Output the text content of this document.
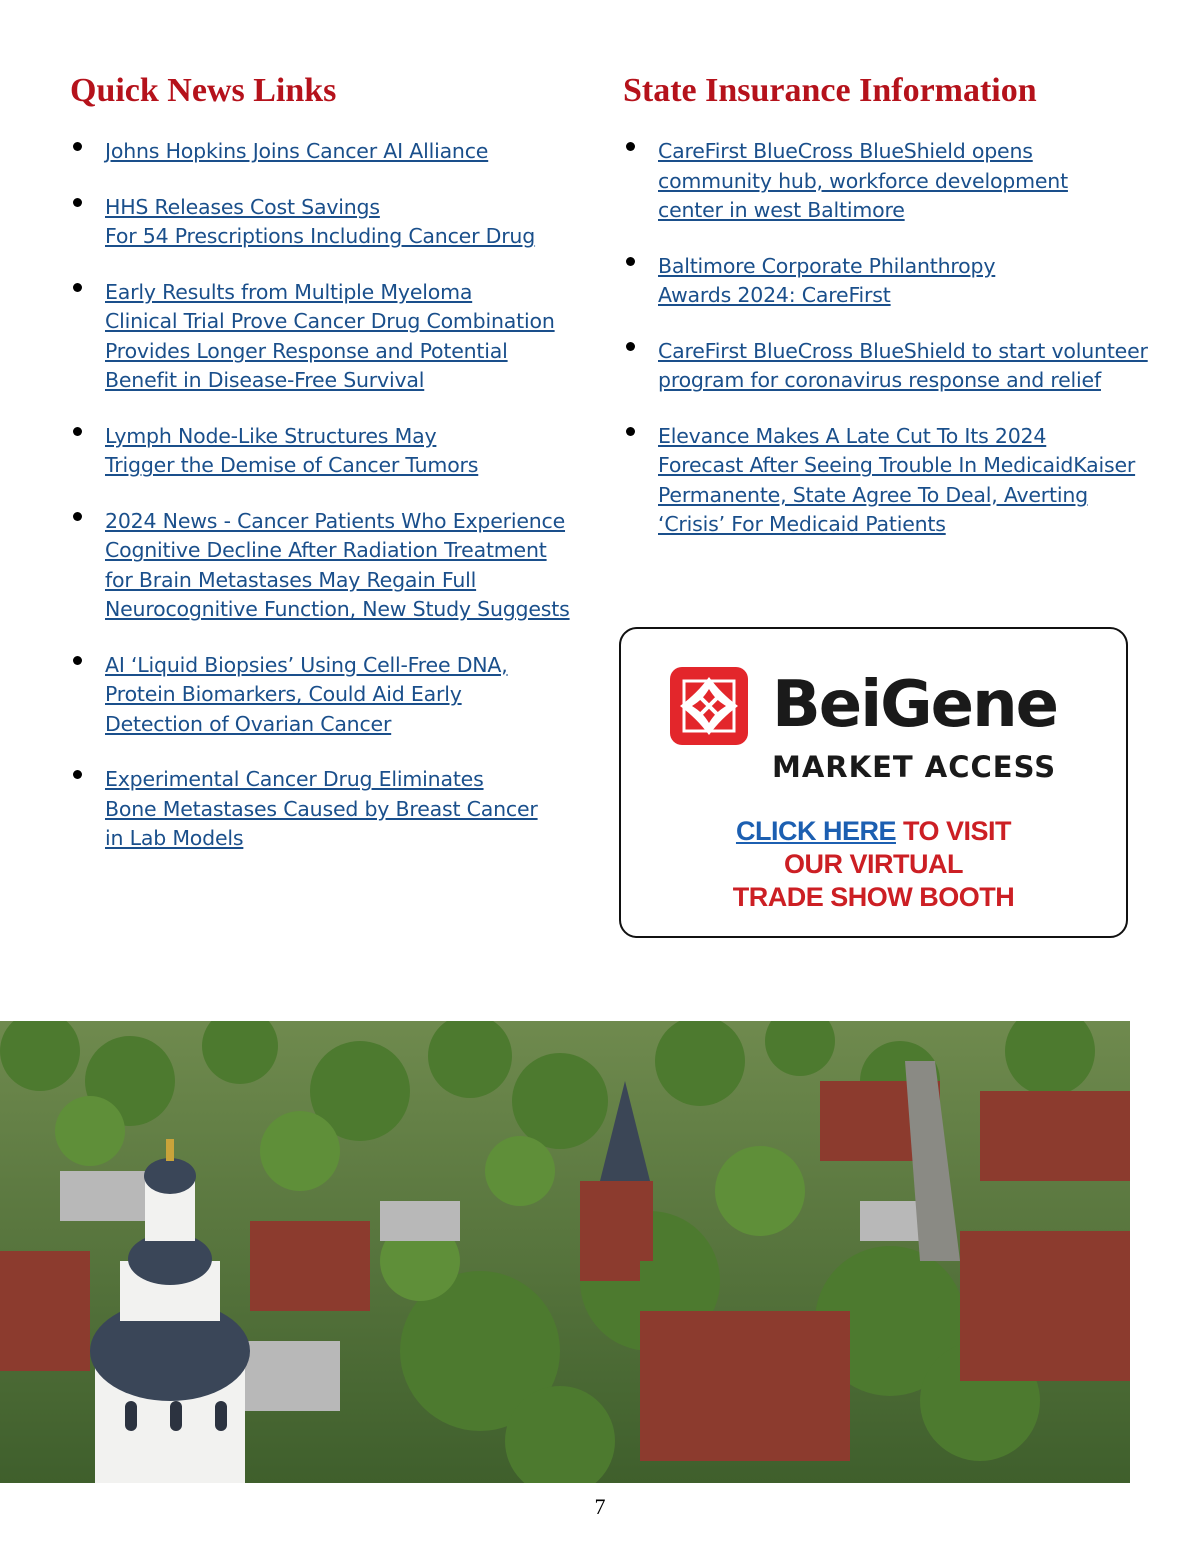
Quick News Links
Johns Hopkins Joins Cancer AI Alliance
HHS Releases Cost Savings
For 54 Prescriptions Including Cancer Drug
Early Results from Multiple Myeloma
Clinical Trial Prove Cancer Drug Combination
Provides Longer Response and Potential
Benefit in Disease-Free Survival
Lymph Node-Like Structures May
Trigger the Demise of Cancer Tumors
2024 News - Cancer Patients Who Experience
Cognitive Decline After Radiation Treatment
for Brain Metastases May Regain Full
Neurocognitive Function, New Study Suggests
AI ‘Liquid Biopsies’ Using Cell-Free DNA,
Protein Biomarkers, Could Aid Early
Detection of Ovarian Cancer
Experimental Cancer Drug Eliminates
Bone Metastases Caused by Breast Cancer
in Lab Models
State Insurance Information
CareFirst BlueCross BlueShield opens
community hub, workforce development
center in west Baltimore
Baltimore Corporate Philanthropy
Awards 2024: CareFirst
CareFirst BlueCross BlueShield to start volunteer
program for coronavirus response and relief
Elevance Makes A Late Cut To Its 2024
Forecast After Seeing Trouble In MedicaidKaiser
Permanente, State Agree To Deal, Averting
‘Crisis’ For Medicaid Patients
BeiGene
MARKET ACCESS
CLICK HERE TO VISIT
OUR VIRTUAL
TRADE SHOW BOOTH
7
